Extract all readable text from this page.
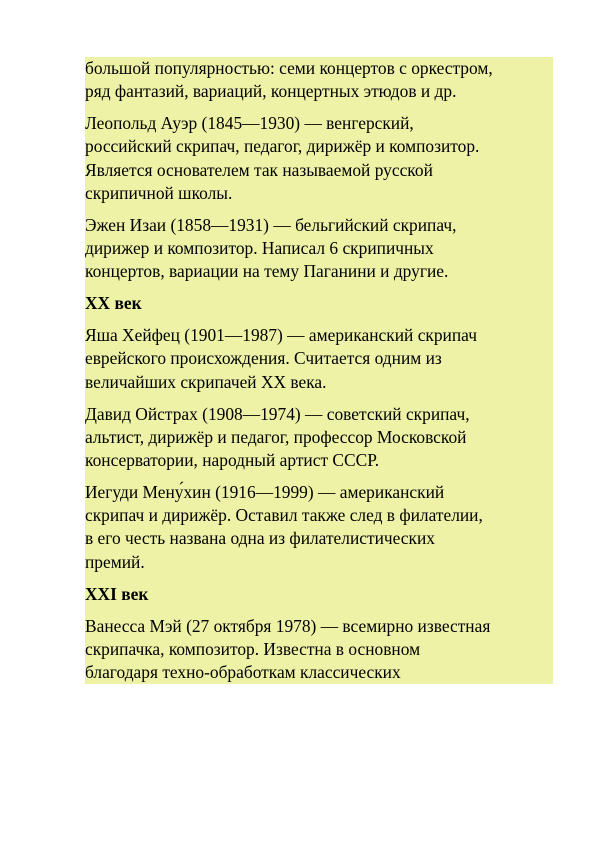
большой популярностью: семи концертов с оркестром,
ряд фантазий, вариаций, концертных этюдов и др.

Леопольд Ауэр (1845—1930) — венгерский,
российский скрипач, педагог, дирижёр и композитор.
Является основателем так называемой русской
скрипичной школы.

Эжен Изаи (1858—1931) — бельгийский скрипач,
дирижер и композитор. Написал 6 скрипичных
концертов, вариации на тему Паганини и другие.

XX век

Яша Хейфец (1901—1987) — американский скрипач
еврейского происхождения. Считается одним из
величайших скрипачей XX века.

Давид Ойстрах (1908—1974) — советский скрипач,
альтист, дирижёр и педагог, профессор Московской
консерватории, народный артист СССР.

Иегуди Мену́хин (1916—1999) — американский
скрипач и дирижёр. Оставил также след в филателии,
в его честь названа одна из филателистических
премий.

XXI век

Ванесса Мэй (27 октября 1978) — всемирно известная
скрипачка, композитор. Известна в основном
благодаря техно-обработкам классических
